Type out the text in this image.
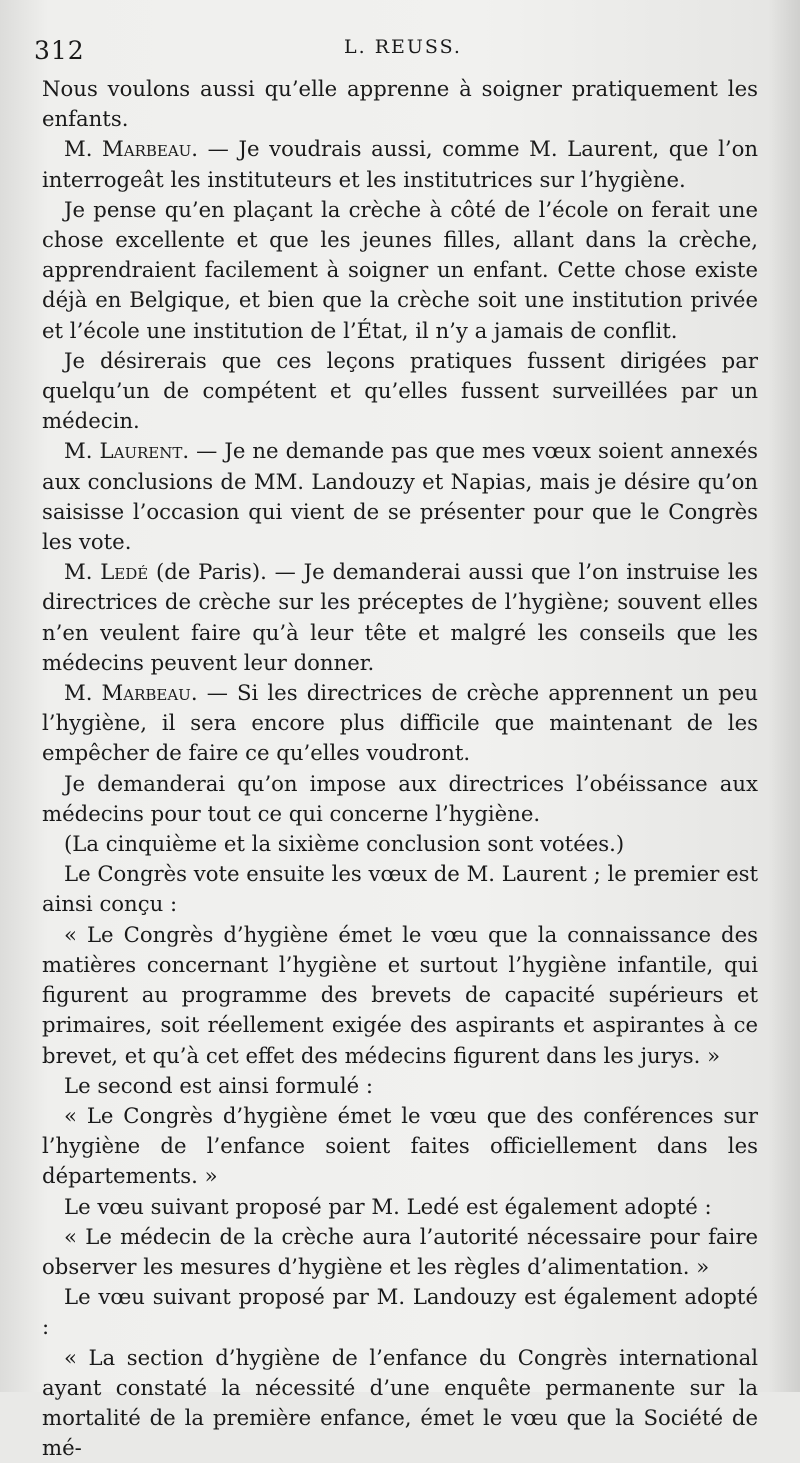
312	L. REUSS.

Nous voulons aussi qu’elle apprenne à soigner pratiquement les enfants.

M. Marbeau. — Je voudrais aussi, comme M. Laurent, que l’on interrogeât les instituteurs et les institutrices sur l’hygiène.

Je pense qu’en plaçant la crèche à côté de l’école on ferait une chose excellente et que les jeunes filles, allant dans la crèche, apprendraient facilement à soigner un enfant. Cette chose existe déjà en Belgique, et bien que la crèche soit une institution privée et l’école une institution de l’État, il n’y a jamais de conflit.

Je désirerais que ces leçons pratiques fussent dirigées par quelqu’un de compétent et qu’elles fussent surveillées par un médecin.

M. Laurent. — Je ne demande pas que mes vœux soient annexés aux conclusions de MM. Landouzy et Napias, mais je désire qu’on saisisse l’occasion qui vient de se présenter pour que le Congrès les vote.

M. Ledé (de Paris). — Je demanderai aussi que l’on instruise les directrices de crèche sur les préceptes de l’hygiène; souvent elles n’en veulent faire qu’à leur tête et malgré les conseils que les médecins peuvent leur donner.

M. Marbeau. — Si les directrices de crèche apprennent un peu l’hygiène, il sera encore plus difficile que maintenant de les empêcher de faire ce qu’elles voudront.

Je demanderai qu’on impose aux directrices l’obéissance aux médecins pour tout ce qui concerne l’hygiène.

(La cinquième et la sixième conclusion sont votées.)

Le Congrès vote ensuite les vœux de M. Laurent ; le premier est ainsi conçu :

« Le Congrès d’hygiène émet le vœu que la connaissance des matières concernant l’hygiène et surtout l’hygiène infantile, qui figurent au programme des brevets de capacité supérieurs et primaires, soit réellement exigée des aspirants et aspirantes à ce brevet, et qu’à cet effet des médecins figurent dans les jurys. »

Le second est ainsi formulé :

« Le Congrès d’hygiène émet le vœu que des conférences sur l’hygiène de l’enfance soient faites officiellement dans les départements. »

Le vœu suivant proposé par M. Ledé est également adopté :

« Le médecin de la crèche aura l’autorité nécessaire pour faire observer les mesures d’hygiène et les règles d’alimentation. »

Le vœu suivant proposé par M. Landouzy est également adopté :

« La section d’hygiène de l’enfance du Congrès international ayant constaté la nécessité d’une enquête permanente sur la mortalité de la première enfance, émet le vœu que la Société de mé-
